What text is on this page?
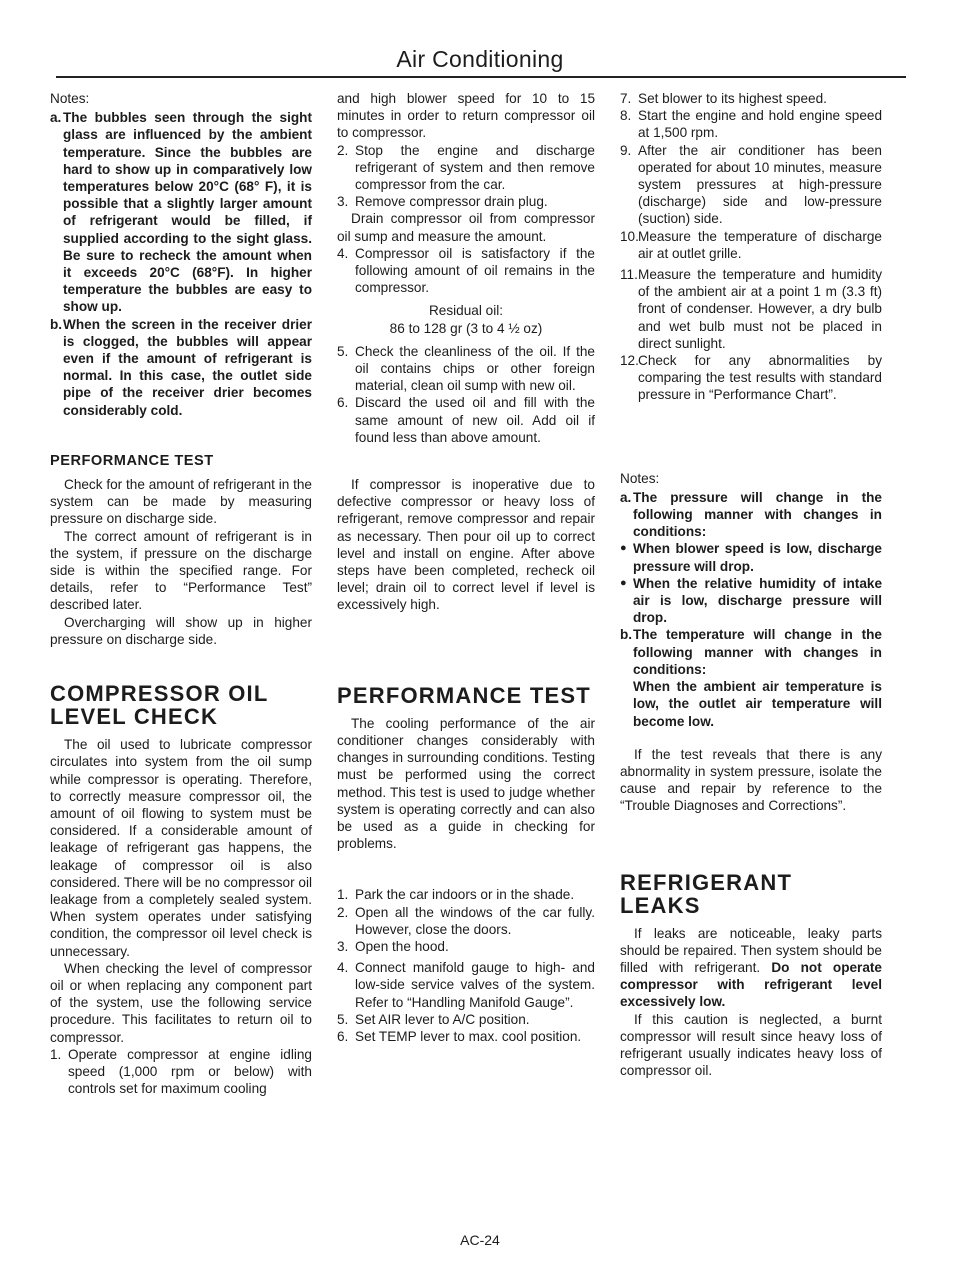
Air Conditioning

Notes:

a. The bubbles seen through the sight glass are influenced by the ambient temperature. Since the bubbles are hard to show up in comparatively low temperatures below 20°C (68° F), it is possible that a slightly larger amount of refrigerant would be filled, if supplied according to the sight glass. Be sure to recheck the amount when it exceeds 20°C (68°F). In higher temperature the bubbles are easy to show up.
b. When the screen in the receiver drier is clogged, the bubbles will appear even if the amount of refrigerant is normal. In this case, the outlet side pipe of the receiver drier becomes considerably cold.

PERFORMANCE TEST

Check for the amount of refrigerant in the system can be made by measuring pressure on discharge side.

The correct amount of refrigerant is in the system, if pressure on the discharge side is within the specified range. For details, refer to “Performance Test” described later.

Overcharging will show up in higher pressure on discharge side.

COMPRESSOR OIL
LEVEL CHECK

The oil used to lubricate compressor circulates into system from the oil sump while compressor is operating. Therefore, to correctly measure compressor oil, the amount of oil flowing to system must be considered. If a considerable amount of leakage of refrigerant gas happens, the leakage of compressor oil is also considered. There will be no compressor oil leakage from a completely sealed system. When system operates under satisfying condition, the compressor oil level check is unnecessary.

When checking the level of compressor oil or when replacing any component part of the system, use the following service procedure. This facilitates to return oil to compressor.

1. Operate compressor at engine idling speed (1,000 rpm or below) with controls set for maximum cooling

and high blower speed for 10 to 15 minutes in order to return compressor oil to compressor.

2. Stop the engine and discharge refrigerant of system and then remove compressor from the car.
3. Remove compressor drain plug.

Drain compressor oil from compressor oil sump and measure the amount.

4. Compressor oil is satisfactory if the following amount of oil remains in the compressor.

Residual oil:

86 to 128 gr (3 to 4 ½ oz)

5. Check the cleanliness of the oil. If the oil contains chips or other foreign material, clean oil sump with new oil.
6. Discard the used oil and fill with the same amount of new oil. Add oil if found less than above amount.

If compressor is inoperative due to defective compressor or heavy loss of refrigerant, remove compressor and repair as necessary. Then pour oil up to correct level and install on engine. After above steps have been completed, recheck oil level; drain oil to correct level if level is excessively high.

PERFORMANCE TEST

The cooling performance of the air conditioner changes considerably with changes in surrounding conditions. Testing must be performed using the correct method. This test is used to judge whether system is operating correctly and can also be used as a guide in checking for problems.

1. Park the car indoors or in the shade.
2. Open all the windows of the car fully. However, close the doors.
3. Open the hood.
4. Connect manifold gauge to high- and low-side service valves of the system. Refer to “Handling Manifold Gauge”.
5. Set AIR lever to A/C position.
6. Set TEMP lever to max. cool position.
7. Set blower to its highest speed.
8. Start the engine and hold engine speed at 1,500 rpm.
9. After the air conditioner has been operated for about 10 minutes, measure system pressures at high-pressure (discharge) side and low-pressure (suction) side.
10. Measure the temperature of discharge air at outlet grille.
11. Measure the temperature and humidity of the ambient air at a point 1 m (3.3 ft) front of condenser. However, a dry bulb and wet bulb must not be placed in direct sunlight.
12. Check for any abnormalities by comparing the test results with standard pressure in “Performance Chart”.

Notes:

a. The pressure will change in the following manner with changes in conditions:
● When blower speed is low, discharge pressure will drop.
● When the relative humidity of intake air is low, discharge pressure will drop.
b. The temperature will change in the following manner with changes in conditions:
When the ambient air temperature is low, the outlet air temperature will become low.

If the test reveals that there is any abnormality in system pressure, isolate the cause and repair by reference to the “Trouble Diagnoses and Corrections”.

REFRIGERANT
LEAKS

If leaks are noticeable, leaky parts should be repaired. Then system should be filled with refrigerant. Do not operate compressor with refrigerant level excessively low.

If this caution is neglected, a burnt compressor will result since heavy loss of refrigerant usually indicates heavy loss of compressor oil.

AC-24
